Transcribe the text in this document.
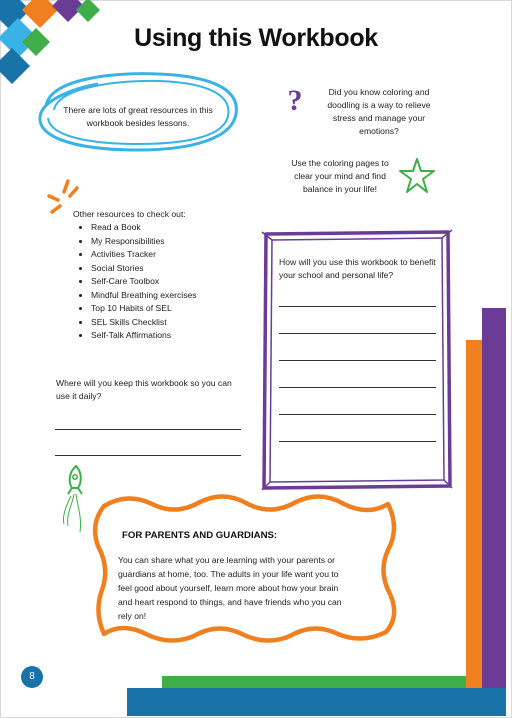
Using this Workbook
There are lots of great resources in this workbook besides lessons.
?	Did you know coloring and doodling is a way to relieve stress and manage your emotions?
Use the coloring pages to clear your mind and find balance in your life!
Other resources to check out:
• Read a Book
• My Responsibilities
• Activities Tracker
• Social Stories
• Self-Care Toolbox
• Mindful Breathing exercises
• Top 10 Habits of SEL
• SEL Skills Checklist
• Self-Talk Affirmations
Where will you keep this workbook so you can use it daily?
How will you use this workbook to benefit your school and personal life?
FOR PARENTS AND GUARDIANS:
You can share what you are learning with your parents or guardians at home, too. The adults in your life want you to feel good about yourself, learn more about how your brain and heart respond to things, and have friends who you can rely on!
8
